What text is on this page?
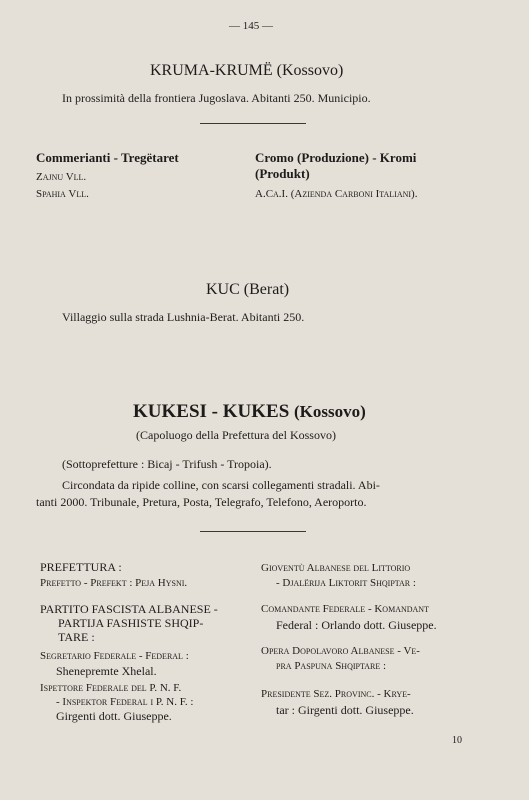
— 145 —
KRUMA-KRUMË (Kossovo)
In prossimità della frontiera Jugoslava. Abitanti 250. Municipio.
Commerianti - Tregëtaret
Zajnu Vll.
Spahia Vll.
Cromo (Produzione) - Kromi
(Produkt)
A.Ca.I. (Azienda Carboni Italiani).
KUC (Berat)
Villaggio sulla strada Lushnia-Berat. Abitanti 250.
KUKESI - KUKES (Kossovo)
(Capoluogo della Prefettura del Kossovo)
(Sottoprefetture : Bicaj - Trifush - Tropoia).
Circondata da ripide colline, con scarsi collegamenti stradali. Abi-
tanti 2000. Tribunale, Pretura, Posta, Telegrafo, Telefono, Aeroporto.
PREFETTURA :
Prefetto - Prefekt : Peja Hysni.
PARTITO FASCISTA ALBANESE -
PARTIJA FASHISTE SHQIP-
TARE :
Segretario Federale - Federal :
Shenepremte Xhelal.
Ispettore Federale del P. N. F.
- Inspektor Federal i P. N. F. :
Girgenti dott. Giuseppe.
Gioventù Albanese del Littorio
- Djalërija Liktorit Shqiptar :
Comandante Federale - Komandant
Federal : Orlando dott. Giuseppe.
Opera Dopolavoro Albanese - Ve-
pra Paspuna Shqiptare :
Presidente Sez. Provinc. - Krye-
tar : Girgenti dott. Giuseppe.
10
